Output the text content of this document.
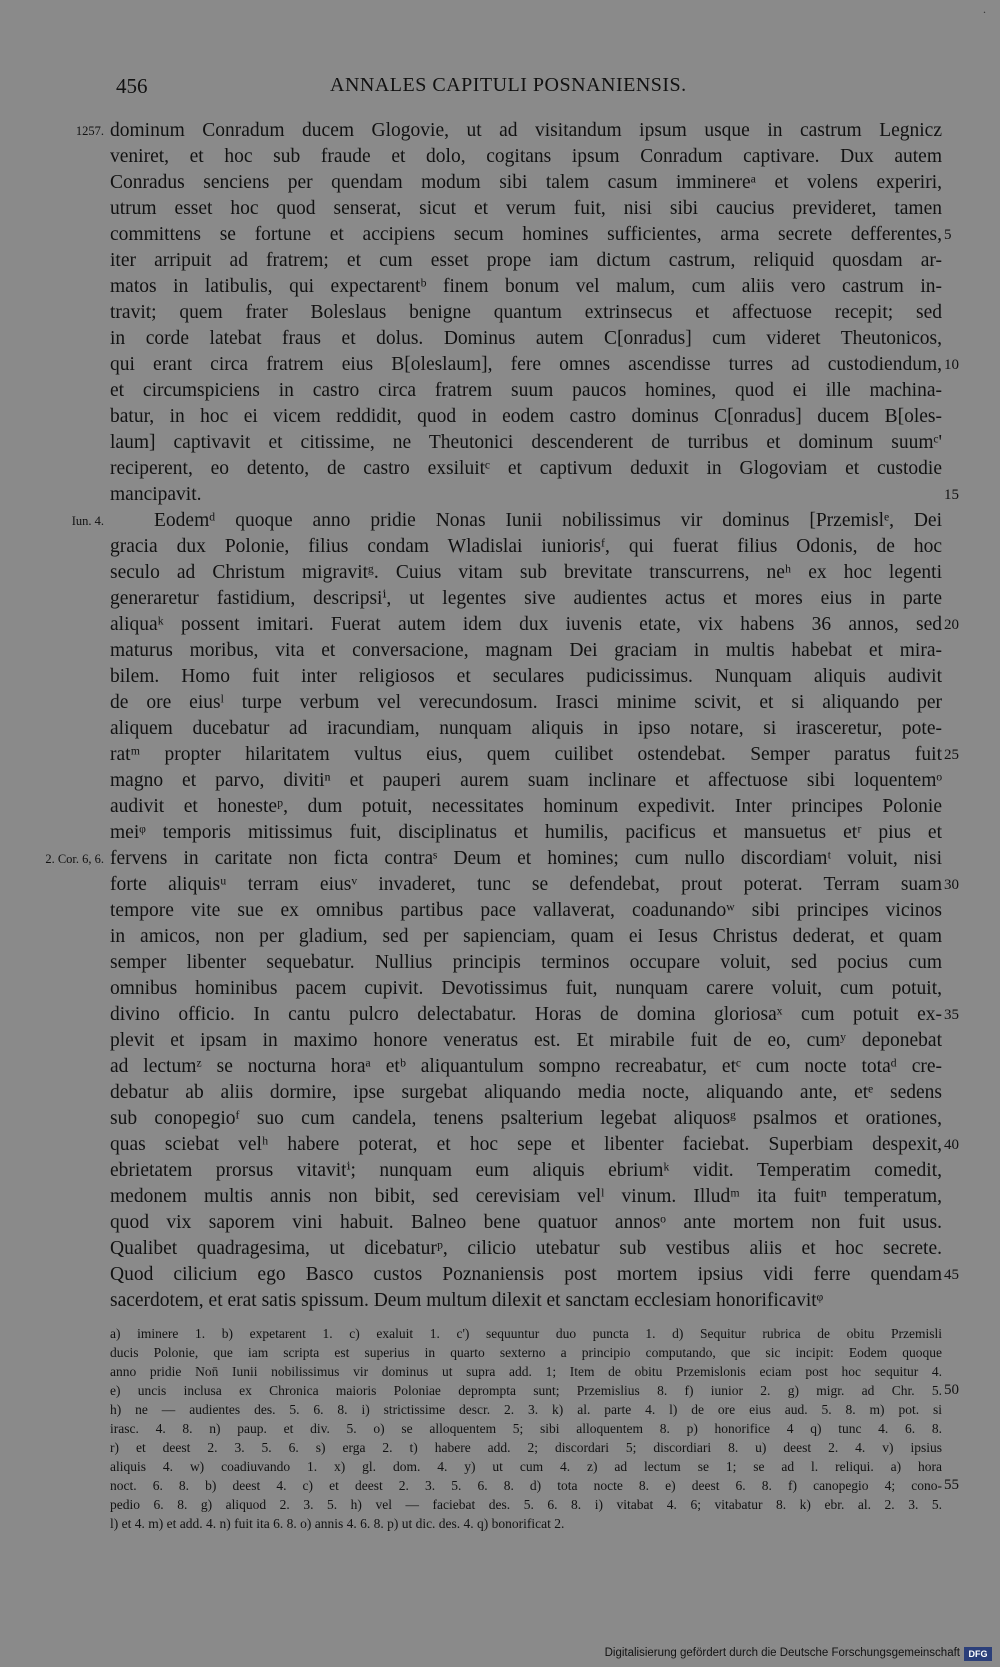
456	ANNALES CAPITULI POSNANIENSIS.
dominum Conradum ducem Glogovie, ut ad visitandum ipsum usque in castrum Legnicz
veniret, et hoc sub fraude et dolo, cogitans ipsum Conradum captivare. Dux autem
Conradus senciens per quendam modum sibi talem casum imminereᵃ et volens experiri,
utrum esset hoc quod senserat, sicut et verum fuit, nisi sibi caucius previderet, tamen
committens se fortune et accipiens secum homines sufficientes, arma secrete defferentes,
iter arripuit ad fratrem; et cum esset prope iam dictum castrum, reliquid quosdam ar-
matos in latibulis, qui expectarentᵇ finem bonum vel malum, cum aliis vero castrum in-
travit; quem frater Boleslaus benigne quantum extrinsecus et affectuose recepit; sed
in corde latebat fraus et dolus. Dominus autem C[onradus] cum videret Theutonicos,
qui erant circa fratrem eius B[oleslaum], fere omnes ascendisse turres ad custodiendum,
et circumspiciens in castro circa fratrem suum paucos homines, quod ei ille machina-
batur, in hoc ei vicem reddidit, quod in eodem castro dominus C[onradus] ducem B[oles-
laum] captivavit et citissime, ne Theutonici descenderent de turribus et dominum suumᶜ'
reciperent, eo detento, de castro exsiluitᶜ et captivum deduxit in Glogoviam et custodie
mancipavit.
Eodemᵈ quoque anno pridie Nonas Iunii nobilissimus vir dominus [Przemislᵉ, Dei
gracia dux Polonie, filius condam Wladislai iuniorisᶠ, qui fuerat filius Odonis, de hoc
seculo ad Christum migravitᵍ. Cuius vitam sub brevitate transcurrens, neʰ ex hoc legenti
generaretur fastidium, descripsiⁱ, ut legentes sive audientes actus et mores eius in parte
aliquaᵏ possent imitari. Fuerat autem idem dux iuvenis etate, vix habens 36 annos, sed
maturus moribus, vita et conversacione, magnam Dei graciam in multis habebat et mira-
bilem. Homo fuit inter religiosos et seculares pudicissimus. Nunquam aliquis audivit
de ore eiusˡ turpe verbum vel verecundosum. Irasci minime scivit, et si aliquando per
aliquem ducebatur ad iracundiam, nunquam aliquis in ipso notare, si irasceretur, pote-
ratᵐ propter hilaritatem vultus eius, quem cuilibet ostendebat. Semper paratus fuit
magno et parvo, divitiⁿ et pauperi aurem suam inclinare et affectuose sibi loquentemᵒ
audivit et honesteᵖ, dum potuit, necessitates hominum expedivit. Inter principes Polonie
meiᵠ temporis mitissimus fuit, disciplinatus et humilis, pacificus et mansuetus etʳ pius et
fervens in caritate non ficta contraˢ Deum et homines; cum nullo discordiamᵗ voluit, nisi
forte aliquisᵘ terram eiusᵛ invaderet, tunc se defendebat, prout poterat. Terram suam
tempore vite sue ex omnibus partibus pace vallaverat, coadunandoʷ sibi principes vicinos
in amicos, non per gladium, sed per sapienciam, quam ei Iesus Christus dederat, et quam
semper libenter sequebatur. Nullius principis terminos occupare voluit, sed pocius cum
omnibus hominibus pacem cupivit. Devotissimus fuit, nunquam carere voluit, cum potuit,
divino officio. In cantu pulcro delectabatur. Horas de domina gloriosaˣ cum potuit ex-
plevit et ipsam in maximo honore veneratus est. Et mirabile fuit de eo, cumʸ deponebat
ad lectumᶻ se nocturna horaᵃ etᵇ aliquantulum sompno recreabatur, etᶜ cum nocte totaᵈ cre-
debatur ab aliis dormire, ipse surgebat aliquando media nocte, aliquando ante, etᵉ sedens
sub conopegioᶠ suo cum candela, tenens psalterium legebat aliquosᵍ psalmos et orationes,
quas sciebat velʰ habere poterat, et hoc sepe et libenter faciebat. Superbiam despexit,
ebrietatem prorsus vitavitⁱ; nunquam eum aliquis ebriumᵏ vidit. Temperatim comedit,
medonem multis annis non bibit, sed cerevisiam velˡ vinum. Illudᵐ ita fuitⁿ temperatum,
quod vix saporem vini habuit. Balneo bene quatuor annosᵒ ante mortem non fuit usus.
Qualibet quadragesima, ut dicebaturᵖ, cilicio utebatur sub vestibus aliis et hoc secrete.
Quod cilicium ego Basco custos Poznaniensis post mortem ipsius vidi ferre quendam
sacerdotem, et erat satis spissum. Deum multum dilexit et sanctam ecclesiam honorificavitᵠ
5
10
15
20
25
30
35
40
45
1257.
Iun. 4.
2. Cor. 6, 6.
a) iminere 1. b) expetarent 1. c) exaluit 1. c') sequuntur duo puncta 1. d) Sequitur rubrica de obitu Przemisli
ducis Polonie, que iam scripta est superius in quarto sexterno a principio computando, que sic incipit: Eodem quoque
anno pridie Non̄ Iunii nobilissimus vir dominus ut supra add. 1; Item de obitu Przemislonis eciam post hoc sequitur 4.
e) uncis inclusa ex Chronica maioris Poloniae deprompta sunt; Przemislius 8. f) iunior 2. g) migr. ad Chr. 5.
h) ne — audientes des. 5. 6. 8. i) strictissime descr. 2. 3. k) al. parte 4. l) de ore eius aud. 5. 8. m) pot. si
irasc. 4. 8. n) paup. et div. 5. o) se alloquentem 5; sibi alloquentem 8. p) honorifice 4 q) tunc 4. 6. 8.
r) et deest 2. 3. 5. 6. s) erga 2. t) habere add. 2; discordari 5; discordiari 8. u) deest 2. 4. v) ipsius
aliquis 4. w) coadiuvando 1. x) gl. dom. 4. y) ut cum 4. z) ad lectum se 1; se ad l. reliqui. a) hora
noct. 6. 8. b) deest 4. c) et deest 2. 3. 5. 6. 8. d) tota nocte 8. e) deest 6. 8. f) canopegio 4; cono-
pedio 6. 8. g) aliquod 2. 3. 5. h) vel — faciebat des. 5. 6. 8. i) vitabat 4. 6; vitabatur 8. k) ebr. al. 2. 3. 5.
l) et 4. m) et add. 4. n) fuit ita 6. 8. o) annis 4. 6. 8. p) ut dic. des. 4. q) bonorificat 2.
50
55
Digitalisierung gefördert durch die Deutsche Forschungsgemeinschaft DFG
.
